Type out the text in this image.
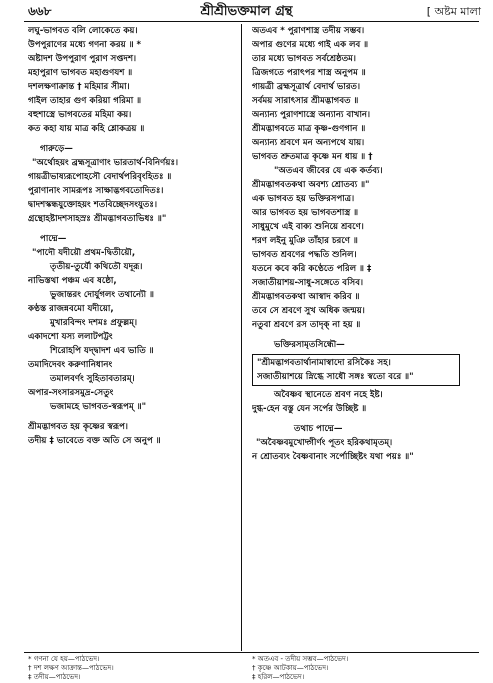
৬৬৮	শ্রীশ্রীভক্তমাল গ্রন্থ	[ অষ্টম মালা
লঘু-ভাগবত বলি লোকেতে কয়।
উপপুরাণের মধ্যে গণনা করয় ॥ *
অষ্টাদশ উপপুরাণ পুরাণ সপ্তদশ।
মহাপুরাণ ভাগবত মহাগুণযশ ॥
দশলক্ষণাক্রান্ত † মহিমার সীমা।
গাইল তাহার গুণ করিয়া গরিমা ॥
বহুশাস্ত্রে ভাগবতের মহিমা কয়।
কত কহা যায় মাত্র কহি শ্লোকত্রয় ॥
গারুড়ে—
"অর্থোহয়ং ব্রহ্মসূত্রাণাং ভারতার্থ-বিনির্ণয়ঃ।
গায়ত্রীভাষ্যরূপোহসৌ বেদার্থপরিবৃংহিতঃ ॥
পুরাণানাং সামরূপঃ সাক্ষাদ্ভগবতোদিতঃ।
দ্বাদশস্কন্ধযুক্তোহয়ং শতবিচ্ছেদসংযুতঃ।
গ্রন্থোহষ্টাদশসাহস্রঃ শ্রীমদ্ভাগবতাভিধঃ ॥"
পাদ্মে—
"পাদৌ যদীয়ৌ প্রথম-দ্বিতীয়ৌ,
তৃতীয়-তুর্যৌ কথিতৌ যদূরূ।
নাভিস্তথা পঞ্চম এব ষষ্ঠো,
ভুজান্তরং দোর্যুগলং তথান্যৌ ॥
কণ্ঠস্ত রাজন্নবমো যদীয়ো,
মুখারবিন্দং দশমঃ প্রফুল্লম্।
একাদশো যস্য ললাটপট্টং
শিরোহপি যদ্দ্বাদশ এব ভাতি ॥
তমাদিদেবং করুণানিধানং
তমালবর্ণং সুহিতাবতারম্।
অপার-সংসারসমুদ্র-সেতুং
ভজামহে ভাগবত-স্বরূপম্ ॥"
শ্রীমদ্ভাগবত হয় কৃষ্ণের স্বরূপ।
তদীয় ‡ ভাবেতে বক্ত অতি সে অনুপ ॥
অতএব * পুরাণশাস্ত্র তদীয় সম্ভব।
অপার গুণের মধ্যে গাই এক লব ॥
তার মধ্যে ভাগবত সর্বশ্রেষ্ঠতম।
ত্রিজগতে পরাৎপর শাস্ত্র অনুপম ॥
গায়ত্রী ব্রহ্মসূত্রার্থ বেদার্থ ভারত।
সর্বময় সারাৎসার শ্রীমদ্ভাগবত ॥
অন্যান্য পুরাণশাস্ত্রে অন্যান্য বাখান।
শ্রীমদ্ভাগবতে মাত্র কৃষ্ণ-গুণগান ॥
অন্যান্য শ্রবণে মন অন্যপথে যায়।
ভাগবত শ্রুতমাত্র কৃষ্ণে মন ধায় ॥ †
"অতএব জীবের যে এক কর্তব্য।
শ্রীমদ্ভাগবতকথা অবশ্য শ্রোতব্য ॥"
এক ভাগবত হয় ভক্তিরসপাত্র।
আর ভাগবত হয় ভাগবতশাস্ত্র ॥
সাধুমুখে এই বাক্য শুনিয়ে শ্রবণে।
শরণ লইনু মুঞি তাঁহার চরণে ॥
ভাগবত শ্রবণের পদ্ধতি শুনিল।
যতনে কবে করি কণ্ঠেতে পরিল ॥ ‡
সজাতীয়াশয়-সাধু-সঙ্গেতে বসিব।
শ্রীমদ্ভাগবতকথা আস্বাদ করিব ॥
তবে সে শ্রবণে সুখ অধিক জন্ময়।
নতুবা শ্রবণে রস তাদৃক্ না হয় ॥
ভক্তিরসামৃতসিন্ধৌ—
"শ্রীমদ্ভাগবতার্থানামাস্বাদো রসিকৈঃ সহ।
সজাতীয়াশয়ে স্নিগ্ধে সাধৌ সঙ্গঃ স্বতো বরে ॥"
অবৈষ্ণব স্থানেতে শ্রবণ নহে ইষ্ট।
দুগ্ধ-হেন বস্তু যেন সর্পের উচ্ছিষ্ট ॥
তথাচ পাদ্মে—
"অবৈষ্ণবমুখোদ্গীর্ণং পূতং হরিকথামৃতম্।
ন শ্রোতব্যং বৈষ্ণবানাং সর্পোচ্ছিষ্টং যথা পয়ঃ ॥"
* গণনা যে হয়—পাঠভেদ।
† দশ লক্ষণ আক্রান্ত—পাঠভেদ।
‡ তদীয়—পাঠভেদ।
* অতএব - তদীয় সম্ভব—পাঠভেদ।
† কৃষ্ণে আটকায়—পাঠভেদ।
‡ হরিল—পাঠভেদ।
